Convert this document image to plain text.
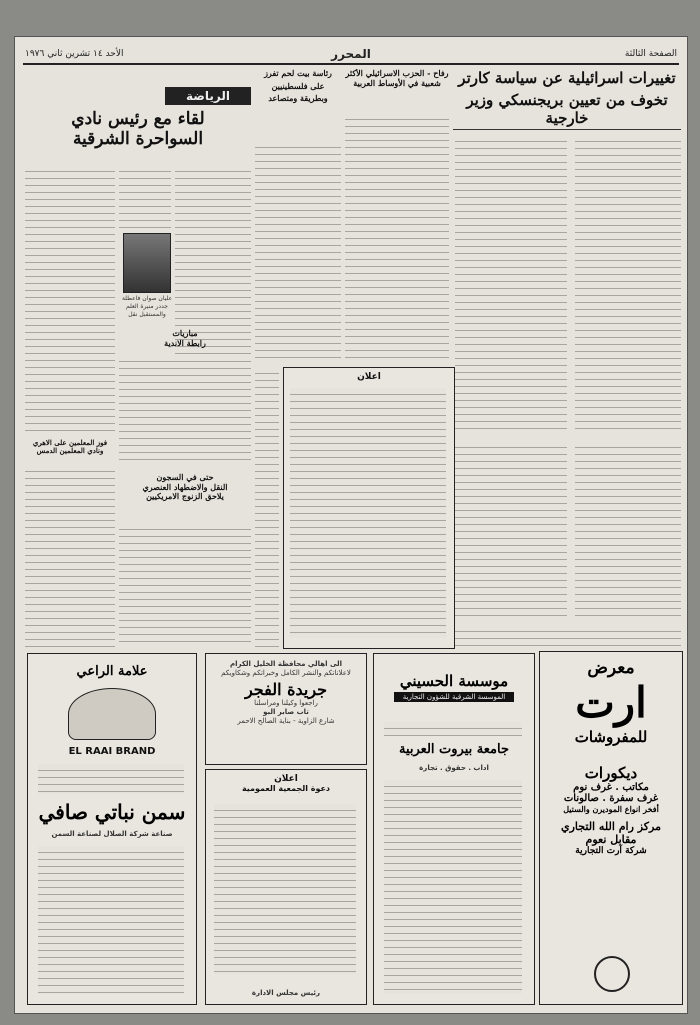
الصفحة الثالثة
المحرر
الأحد ١٤ تشرين ثاني ١٩٧٦
تغييرات اسرائيلية عن سياسة كارتر
تخوف من تعيين بريجنسكي وزير خارجية
رفاح - الحزب الاسرائيلي الأكثر شعبية في الأوساط العربية
رئاسة بيت لحم تفرز
على فلسطينيين
وبطريقة ومتصاعد
الرياضة
لقاء مع رئيس نادي
السواحرة الشرقية
عليان صوان فاعطلة جددر منيرة العلم والمستقبل نقل
فوز المعلمين على الاهري
ونادي المعلمين الدمس
مباريات
رابطة الاندية
حتى في السجون
النقل والاضطهاد العنصري
يلاحق الزنوج الامريكيين
اعلان
علامة الراعي
EL RAAI BRAND
سمن نباتي صافي
صناعة شركة الصلال لصناعة السمن
الى اهالي محافظة الخليل الكرام
لاعلاناتكم والنشر الكامل وخبراتكم وشكاويكم
جريدة الفجر
راجعوا وكيلنا ومراسلنا
تاب صابر البو
شارع الزاوية - بناية الصالح الاحمر
اعلان
دعوة الجمعية العمومية
رئيس مجلس الادارة
موسسة الحسيني
الموسسة الشرقية للشؤون التجارية
جامعة بيروت العربية
اداب . حقوق . تجارة
معرض
ارت
للمفروشات
ديكورات
مكاتب . غرف نوم
غرف سفرة . صالونات
أفخر انواع الموديرن والستيل
مركز رام الله التجاري
مقابل نعوم
شركة آرت التجارية
